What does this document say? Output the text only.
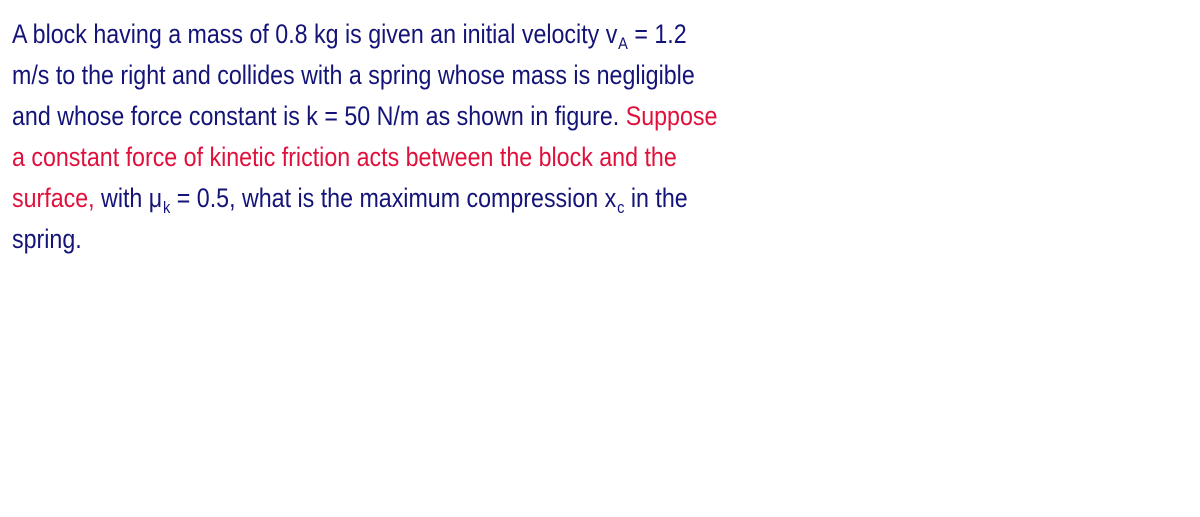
A block having a mass of 0.8 kg is given an initial velocity $v_A = 1.2$
m/s to the right and collides with a spring whose mass is negligible
and whose force constant is k = 50 N/m as shown in figure. Suppose
a constant force of kinetic friction acts between the block and the
surface, with $\mu_k = 0.5$, what is the maximum compression $x_c$ in the
spring.
